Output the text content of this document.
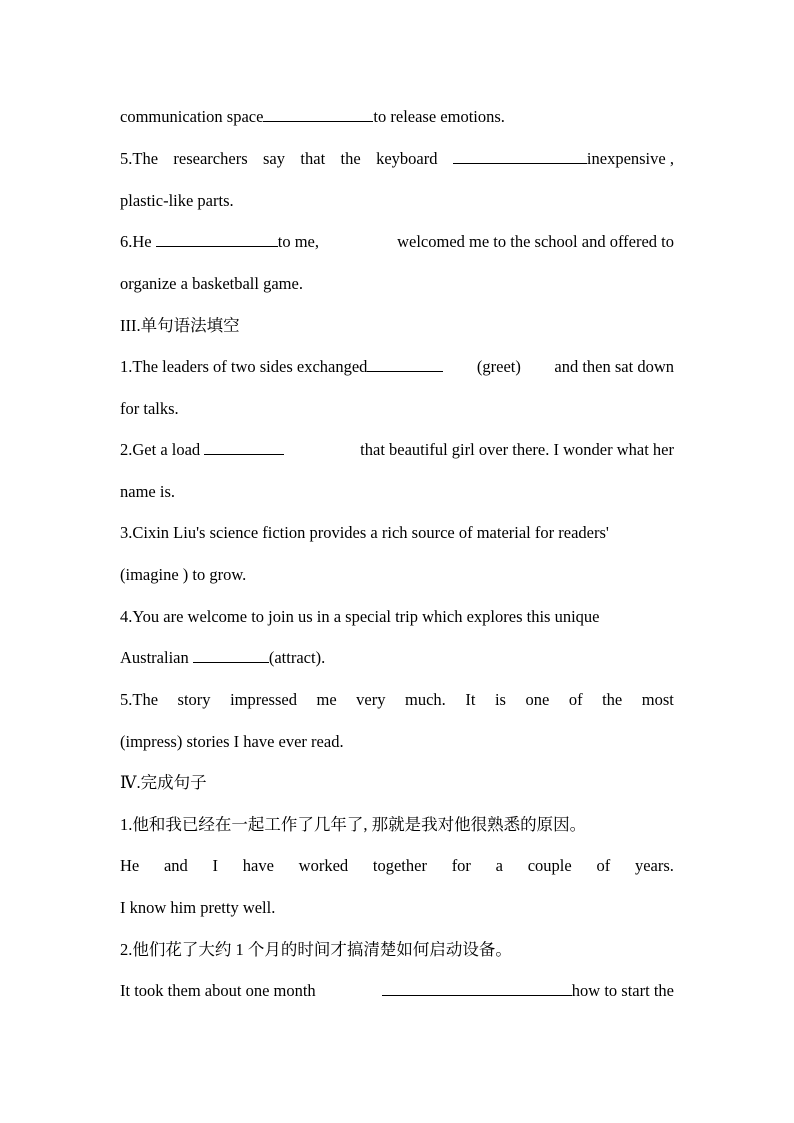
communication space	to release emotions.
5.The researchers say that the keyboard	inexpensive ,
plastic-like parts.
6.He	to me,	welcomed me to the school and offered to
organize a basketball game.
III.单句语法填空
1.The leaders of two sides exchanged	(greet) and then sat down
for talks.
2.Get a load	that beautiful girl over there. I wonder what her
name is.
3.Cixin Liu's science fiction provides a rich source of material for readers'
(imagine ) to grow.
4.You are welcome to join us in a special trip which explores this unique
Australian	(attract).
5.The story impressed me very much. It is one of the most
(impress) stories I have ever read.
Ⅳ.完成句子
1.他和我已经在一起工作了几年了, 那就是我对他很熟悉的原因。
He and I have worked together for a couple of years.
I know him pretty well.
2.他们花了大约 1 个月的时间才搞清楚如何启动设备。
It took them about one month	how to start the
